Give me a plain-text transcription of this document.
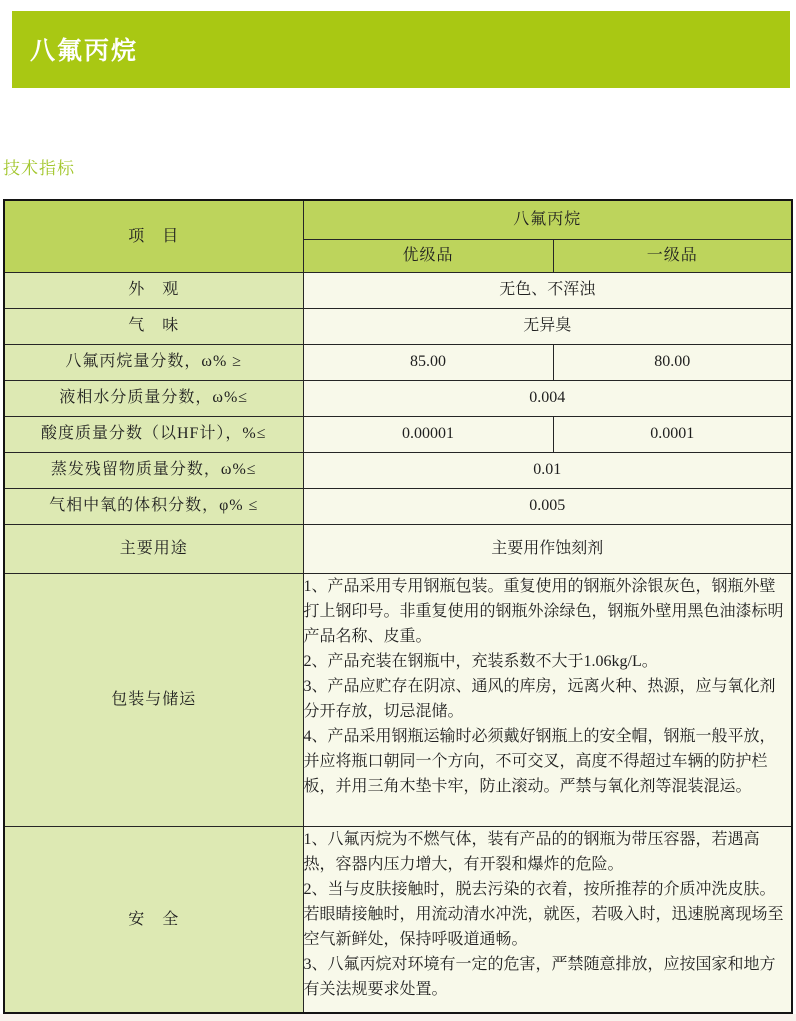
八氟丙烷
技术指标
项　目	八氟丙烷	
	优级品	一级品
外　观	无色、不浑浊	
气　味	无异臭	
八氟丙烷量分数，ω% ≥	85.00	80.00
液相水分质量分数，ω%≤	0.004	
酸度质量分数（以HF计），%≤	0.00001	0.0001
蒸发残留物质量分数，ω%≤	0.01	
气相中氧的体积分数，φ% ≤	0.005	
主要用途	主要用作蚀刻剂	
包装与储运	1、产品采用专用钢瓶包装。重复使用的钢瓶外涂银灰色，钢瓶外壁打上钢印号。非重复使用的钢瓶外涂绿色，钢瓶外壁用黑色油漆标明产品名称、皮重。

2、产品充装在钢瓶中，充装系数不大于1.06kg/L。

3、产品应贮存在阴凉、通风的库房，远离火种、热源，应与氧化剂分开存放，切忌混储。

4、产品采用钢瓶运输时必须戴好钢瓶上的安全帽，钢瓶一般平放，并应将瓶口朝同一个方向，不可交叉，高度不得超过车辆的防护栏板，并用三角木垫卡牢，防止滚动。严禁与氧化剂等混装混运。	

安　全	1、八氟丙烷为不燃气体，装有产品的的钢瓶为带压容器，若遇高热，容器内压力增大，有开裂和爆炸的危险。

2、当与皮肤接触时，脱去污染的衣着，按所推荐的介质冲洗皮肤。若眼睛接触时，用流动清水冲洗，就医，若吸入时，迅速脱离现场至空气新鲜处，保持呼吸道通畅。

3、八氟丙烷对环境有一定的危害，严禁随意排放，应按国家和地方有关法规要求处置。	
